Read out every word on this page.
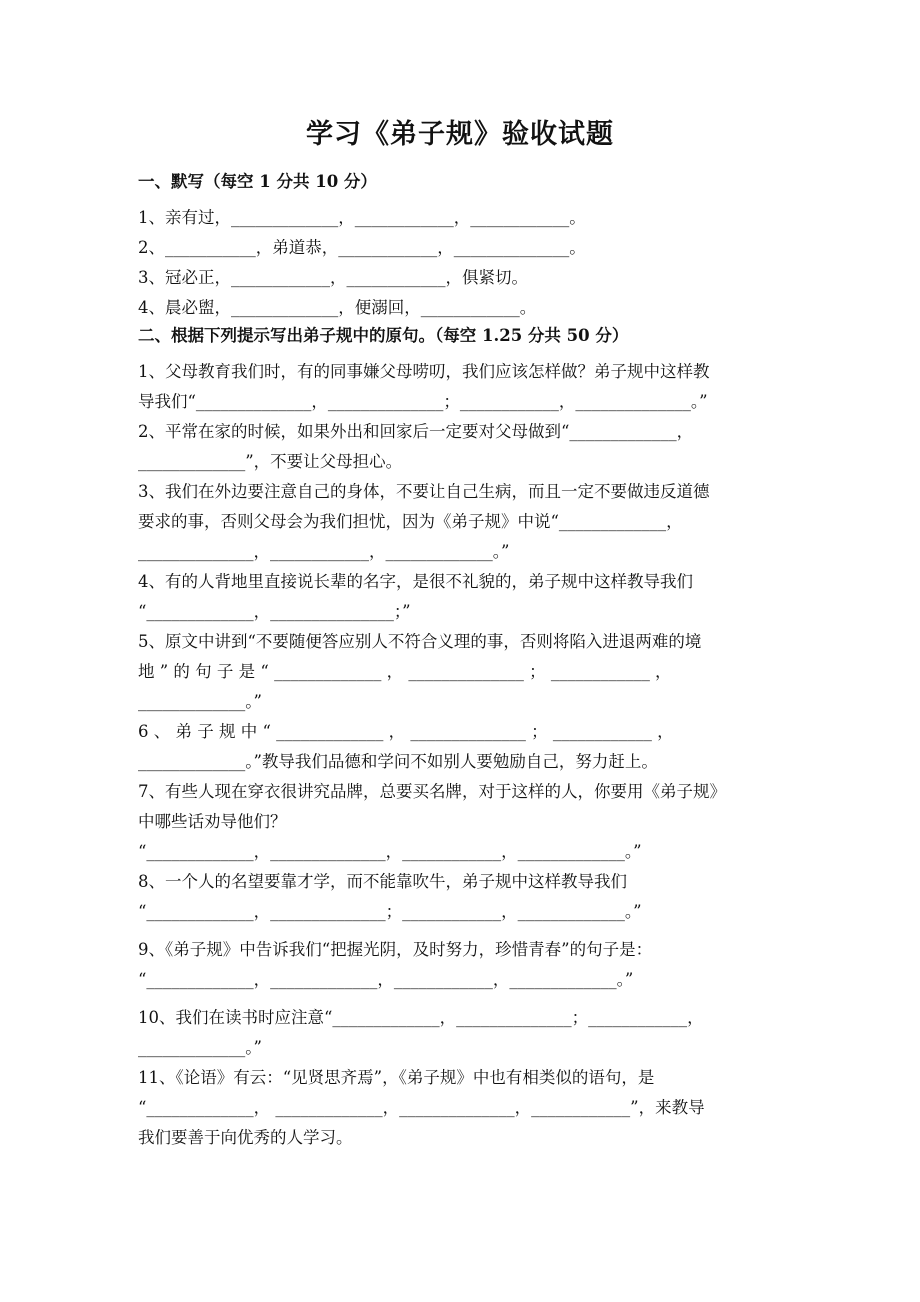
学习《弟子规》验收试题
一、默写（每空 1 分共 10 分）
1、亲有过，_____________，____________，____________。
2、___________，弟道恭，____________，______________。
3、冠必正，____________，____________，俱紧切。
4、晨必盥，_____________，便溺回，____________。
二、根据下列提示写出弟子规中的原句。（每空 1.25 分共 50 分）
1、父母教育我们时，有的同事嫌父母唠叨，我们应该怎样做？弟子规中这样教
导我们“______________，______________；____________，______________。”
2、平常在家的时候，如果外出和回家后一定要对父母做到“_____________，
_____________”，不要让父母担心。
3、我们在外边要注意自己的身体，不要让自己生病，而且一定不要做违反道德
要求的事，否则父母会为我们担忧，因为《弟子规》中说“_____________，
______________，____________，_____________。”
4、有的人背地里直接说长辈的名字，是很不礼貌的，弟子规中这样教导我们
“_____________，_______________；”
5、原文中讲到“不要随便答应别人不符合义理的事，否则将陷入进退两难的境
地 ” 的 句 子 是 “ _____________ ， ______________ ； ____________ ，
_____________。”
6 、 弟 子 规 中 “ _____________ ， ______________ ； ____________ ，
_____________。”教导我们品德和学问不如别人要勉励自己，努力赶上。
7、有些人现在穿衣很讲究品牌，总要买名牌，对于这样的人，你要用《弟子规》
中哪些话劝导他们？
“_____________，______________，____________，_____________。”
8、一个人的名望要靠才学，而不能靠吹牛，弟子规中这样教导我们
“_____________，______________；____________，_____________。”
9、《弟子规》中告诉我们“把握光阴，及时努力，珍惜青春”的句子是：
“_____________，_____________，____________，_____________。”
10、我们在读书时应注意“_____________，______________；____________，
_____________。”
11、《论语》有云：“见贤思齐焉”，《弟子规》中也有相类似的语句，是
“_____________， _____________，______________，____________”，来教导
我们要善于向优秀的人学习。
